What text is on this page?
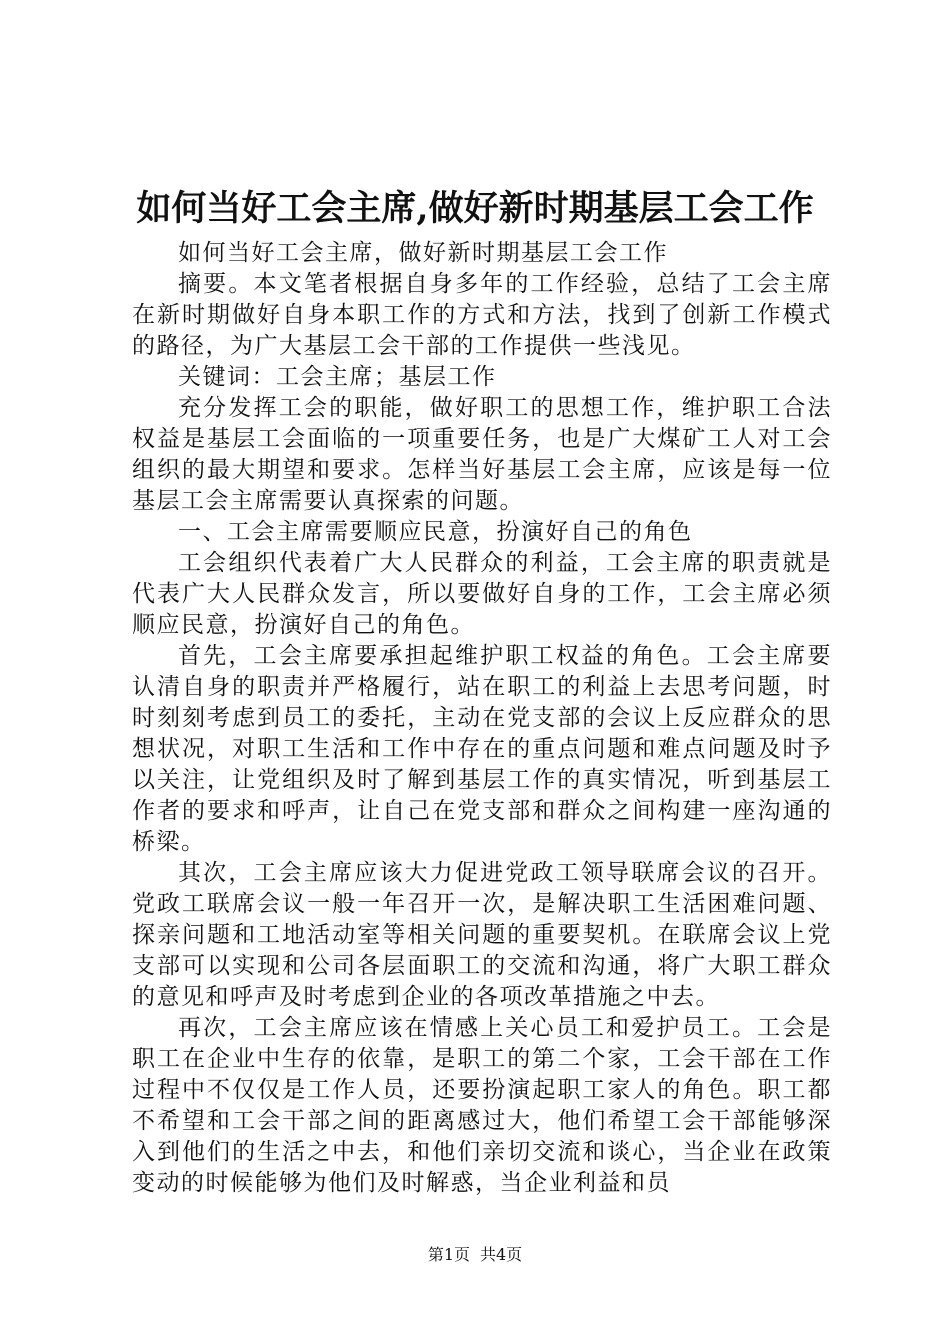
如何当好工会主席,做好新时期基层工会工作

如何当好工会主席，做好新时期基层工会工作

摘要。本文笔者根据自身多年的工作经验，总结了工会主席在新时期做好自身本职工作的方式和方法，找到了创新工作模式的路径，为广大基层工会干部的工作提供一些浅见。

关键词：工会主席；基层工作

充分发挥工会的职能，做好职工的思想工作，维护职工合法权益是基层工会面临的一项重要任务，也是广大煤矿工人对工会组织的最大期望和要求。怎样当好基层工会主席，应该是每一位基层工会主席需要认真探索的问题。

一、工会主席需要顺应民意，扮演好自己的角色

工会组织代表着广大人民群众的利益，工会主席的职责就是代表广大人民群众发言，所以要做好自身的工作，工会主席必须顺应民意，扮演好自己的角色。

首先，工会主席要承担起维护职工权益的角色。工会主席要认清自身的职责并严格履行，站在职工的利益上去思考问题，时时刻刻考虑到员工的委托，主动在党支部的会议上反应群众的思想状况，对职工生活和工作中存在的重点问题和难点问题及时予以关注，让党组织及时了解到基层工作的真实情况，听到基层工作者的要求和呼声，让自己在党支部和群众之间构建一座沟通的桥梁。

其次，工会主席应该大力促进党政工领导联席会议的召开。党政工联席会议一般一年召开一次，是解决职工生活困难问题、探亲问题和工地活动室等相关问题的重要契机。在联席会议上党支部可以实现和公司各层面职工的交流和沟通，将广大职工群众的意见和呼声及时考虑到企业的各项改革措施之中去。

再次，工会主席应该在情感上关心员工和爱护员工。工会是职工在企业中生存的依靠，是职工的第二个家，工会干部在工作过程中不仅仅是工作人员，还要扮演起职工家人的角色。职工都不希望和工会干部之间的距离感过大，他们希望工会干部能够深入到他们的生活之中去，和他们亲切交流和谈心，当企业在政策变动的时候能够为他们及时解惑，当企业利益和员

第1页 共4页
